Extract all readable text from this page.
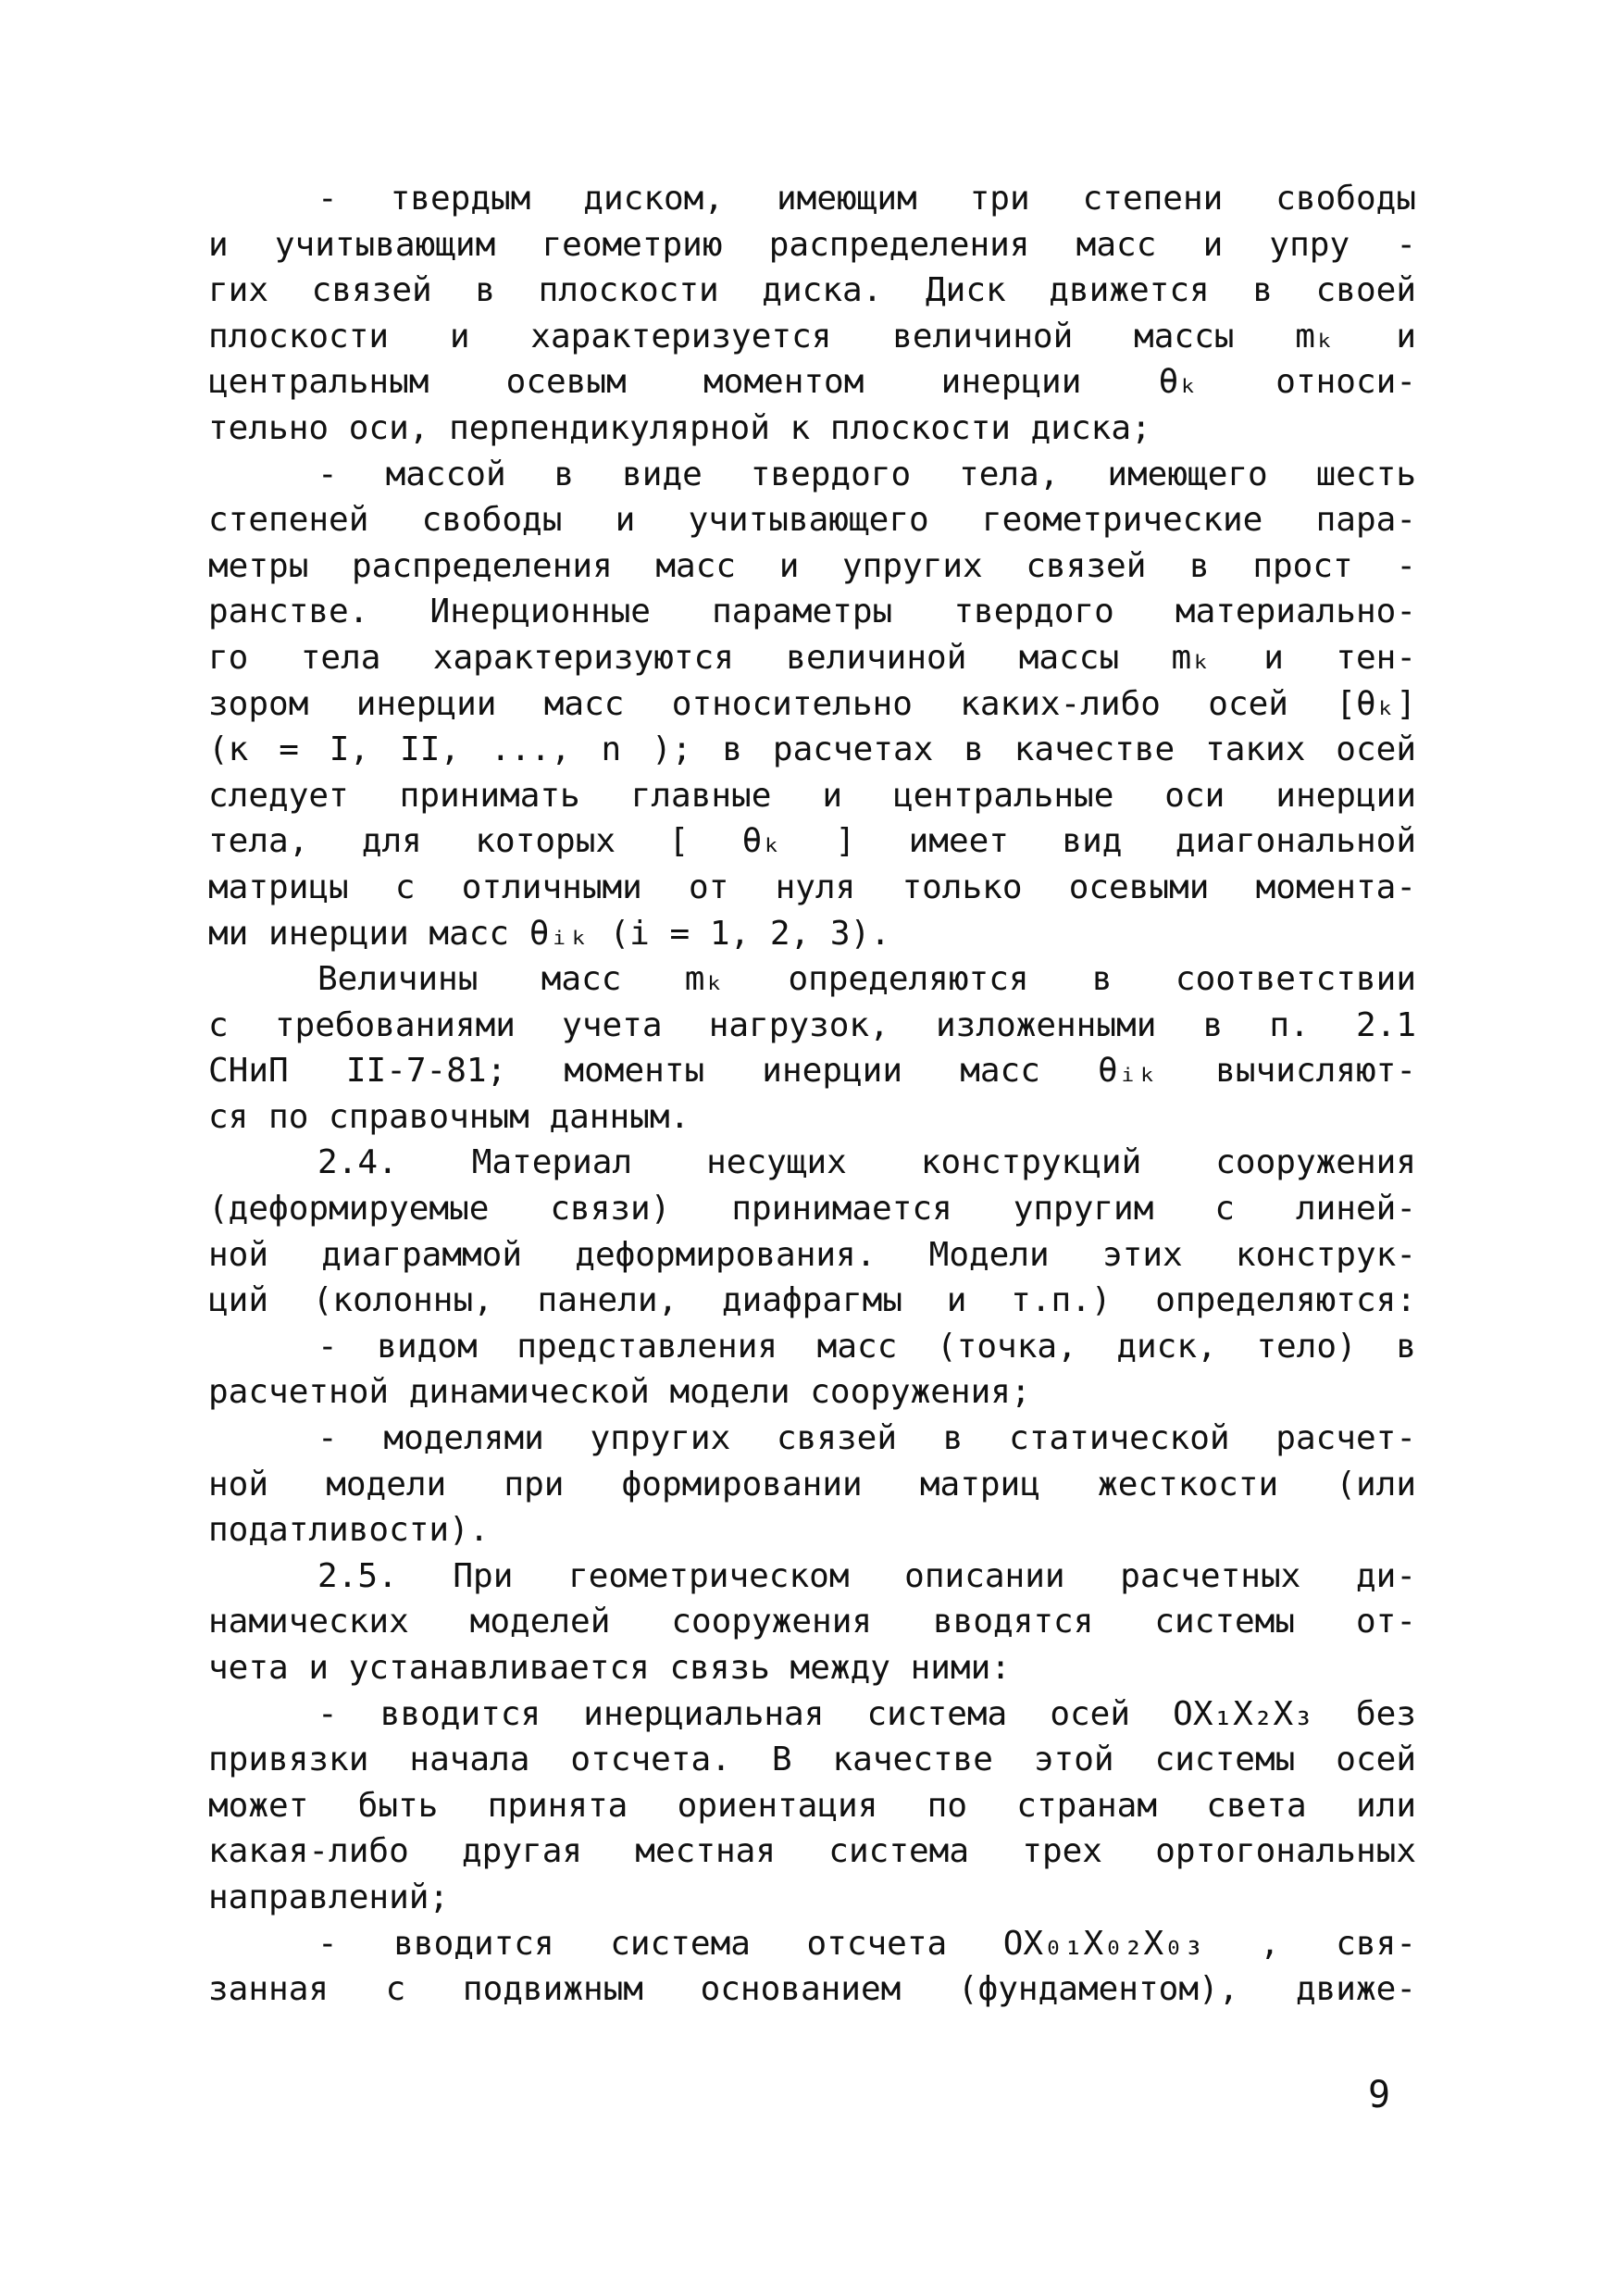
- твердым диском, имеющим три степени свободы
и учитывающим геометрию распределения масс и упру -
гих связей в плоскости диска. Диск движется в своей
плоскости и характеризуется величиной массы mₖ и
центральным осевым моментом инерции θₖ относи-
тельно оси, перпендикулярной к плоскости диска;
- массой в виде твердого тела, имеющего шесть
степеней свободы и учитывающего геометрические пара-
метры распределения масс и упругих связей в прост -
ранстве. Инерционные параметры твердого материально-
го тела характеризуются величиной массы mₖ и тен-
зором инерции масс относительно каких-либо осей [θₖ]
(к = I, II, ..., n ); в расчетах в качестве таких осей
следует принимать главные и центральные оси инерции
тела, для которых [ θₖ ] имеет вид диагональной
матрицы с отличными от нуля только осевыми момента-
ми инерции масс θᵢₖ (i = 1, 2, 3).
Величины масс mₖ определяются в соответствии
с требованиями учета нагрузок, изложенными в п. 2.1
СНиП II-7-81; моменты инерции масс θᵢₖ вычисляют-
ся по справочным данным.
2.4. Материал несущих конструкций сооружения
(деформируемые связи) принимается упругим с линей-
ной диаграммой деформирования. Модели этих конструк-
ций (колонны, панели, диафрагмы и т.п.) определяются:
- видом представления масс (точка, диск, тело) в
расчетной динамической модели сооружения;
- моделями упругих связей в статической расчет-
ной модели при формировании матриц жесткости (или
податливости).
2.5. При геометрическом описании расчетных ди-
намических моделей сооружения вводятся системы от-
чета и устанавливается связь между ними:
- вводится инерциальная система осей OX₁X₂X₃ без
привязки начала отсчета. В качестве этой системы осей
может быть принята ориентация по странам света или
какая-либо другая местная система трех ортогональных
направлений;
- вводится система отсчета OX₀₁X₀₂X₀₃ , свя-
занная с подвижным основанием (фундаментом), движе-
9
